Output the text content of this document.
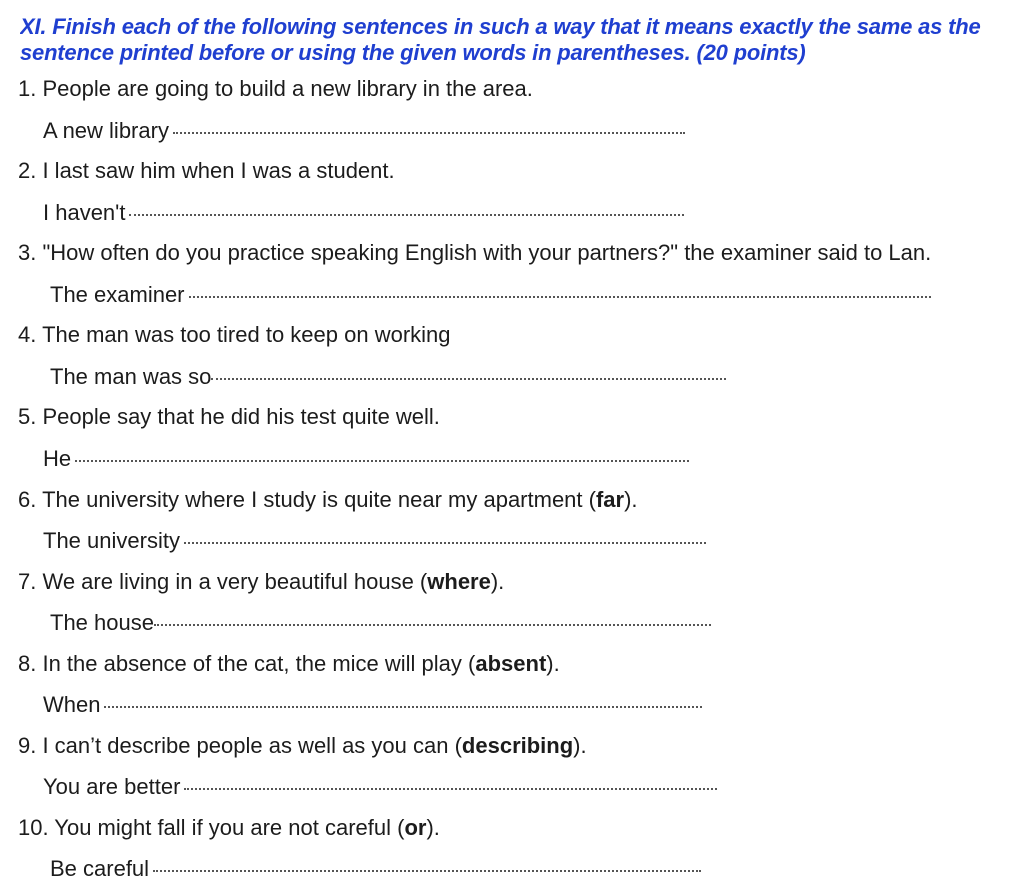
XI. Finish each of the following sentences in such a way that it means exactly the same as the
sentence printed before or using the given words in parentheses. (20 points)
1. People are going to build a new library in the area.
A new library
2. I last saw him when I was a student.
I haven't
3. "How often do you practice speaking English with your partners?" the examiner said to Lan.
The examiner
4. The man was too tired to keep on working
The man was so
5. People say that he did his test quite well.
He
6. The university where I study is quite near my apartment (far).
The university
7. We are living in a very beautiful house (where).
The house
8. In the absence of the cat, the mice will play (absent).
When
9. I can’t describe people as well as you can (describing).
You are better
10. You might fall if you are not careful (or).
Be careful
